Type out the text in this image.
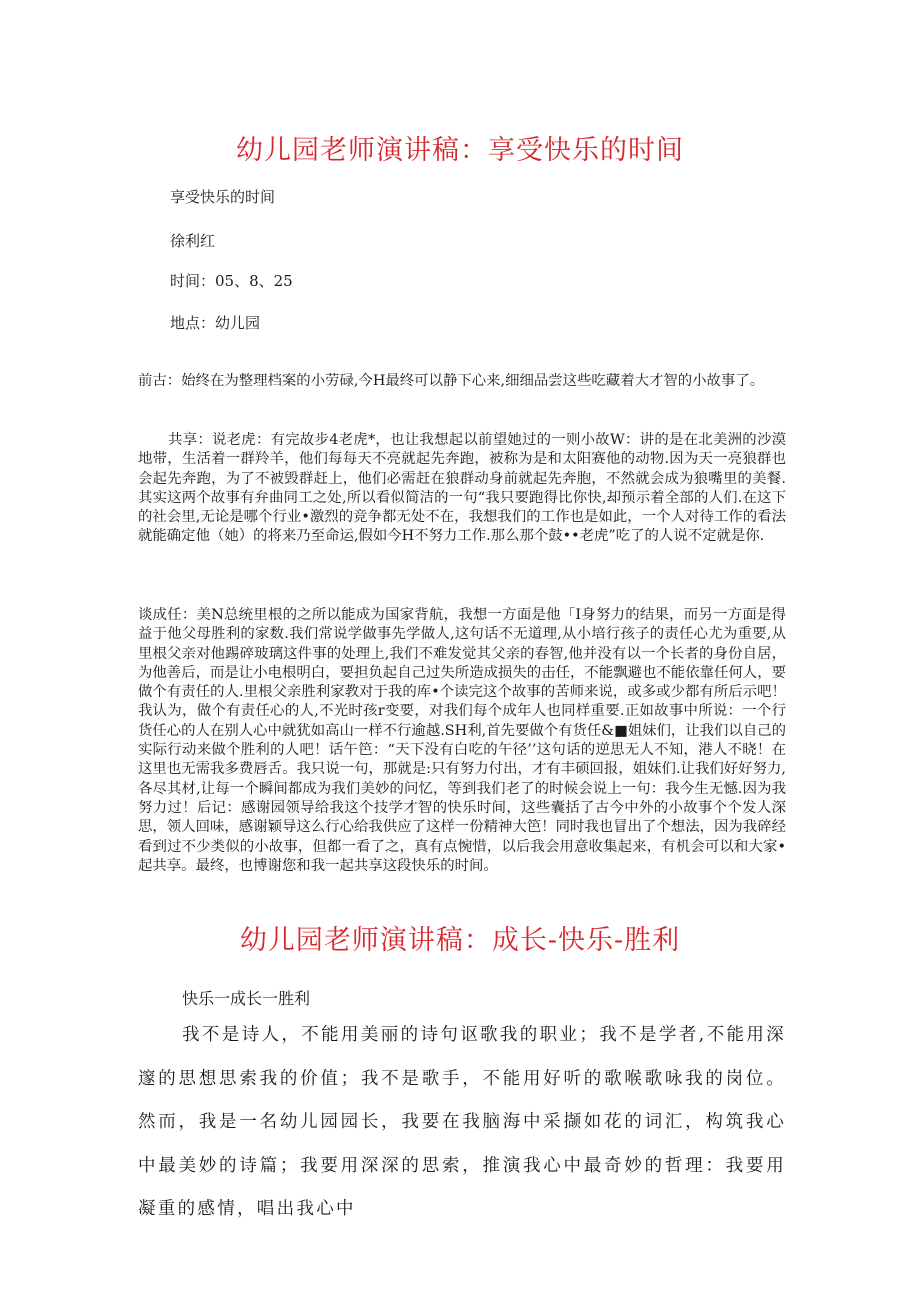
幼儿园老师演讲稿：享受快乐的时间

享受快乐的时间

徐利红

时间：05、8、25

地点：幼儿园

前古：始终在为整理档案的小劳碌,今H最终可以静下心来,细细品尝这些吃藏着大才智的小故事了。

共享：说老虎：有完故步4老虎*，也让我想起以前望她过的一则小故W：讲的是在北美洲的沙漠地带，生活着一群羚羊，他们每每天不亮就起先奔跑，被称为是和太阳赛他的动物.因为天一亮狼群也会起先奔跑，为了不被毁群赶上，他们必需赶在狼群动身前就起先奔胞，不然就会成为狼嘴里的美餐.其实这两个故事有弁曲同工之处,所以看似简洁的一句“我只要跑得比你快,却预示着全部的人们.在这下的社会里,无论是哪个行业•激烈的竞争都无处不在，我想我们的工作也是如此，一个人对待工作的看法就能确定他（她）的将来乃至命运,假如今H不努力工作.那么那个鼓••老虎”吃了的人说不定就是你.

谈成任：美N总统里根的之所以能成为国家背航，我想一方面是他「I身努力的结果，而另一方面是得益于他父母胜利的家数.我们常说学做事先学做人,这句话不无道理,从小培行孩子的责任心尤为重要,从里根父亲对他踢碎玻璃这件事的处理上,我们不难发觉其父亲的春智,他并没有以一个长者的身份自居，为他善后，而是让小电根明白，要担负起自己过失所造成损失的击任，不能飘避也不能依靠任何人，要做个有责任的人.里根父亲胜利家教对于我的库•个读完这个故事的苦师来说，或多或少都有所后示吧！我认为，做个有责任心的人,不光时孩r变要，对我们每个成年人也同样重要.正如故事中所说：一个行货任心的人在别人心中就犹如高山一样不行逾越.SH利,首先要做个有货任&■姐妹们，让我们以自己的实际行动来做个胜利的人吧！话午笆：“天下没有白吃的午径’’这句话的逆思无人不知，港人不晓！在这里也无需我多费唇舌。我只说一句，那就是:只有努力付出，才有丰硕回报，姐妹们.让我们好好努力,各尽其材,让每一个瞬间都成为我们美妙的问忆，等到我们老了的时候会说上一句：我今生无憾.因为我努力过！后记：感谢园领导给我这个技学才智的快乐时间，这些囊括了古今中外的小故事个个发人深思，领人回味，感谢颖导这么行心给我供应了这样一份精神大笆！同时我也冒出了个想法，因为我碎经看到过不少类似的小故事，但都一看了之，真有点惋惜，以后我会用意收集起来，有机会可以和大家•起共享。最终，也博谢您和我一起共享这段快乐的时间。

幼儿园老师演讲稿：成长-快乐-胜利

快乐一成长一胜利

我不是诗人，不能用美丽的诗句讴歌我的职业；我不是学者,不能用深邃的思想思索我的价值；我不是歌手，不能用好听的歌喉歌咏我的岗位。然而，我是一名幼儿园园长，我要在我脑海中采撷如花的词汇，构筑我心中最美妙的诗篇；我要用深深的思索，推演我心中最奇妙的哲理：我要用凝重的感情，唱出我心中
